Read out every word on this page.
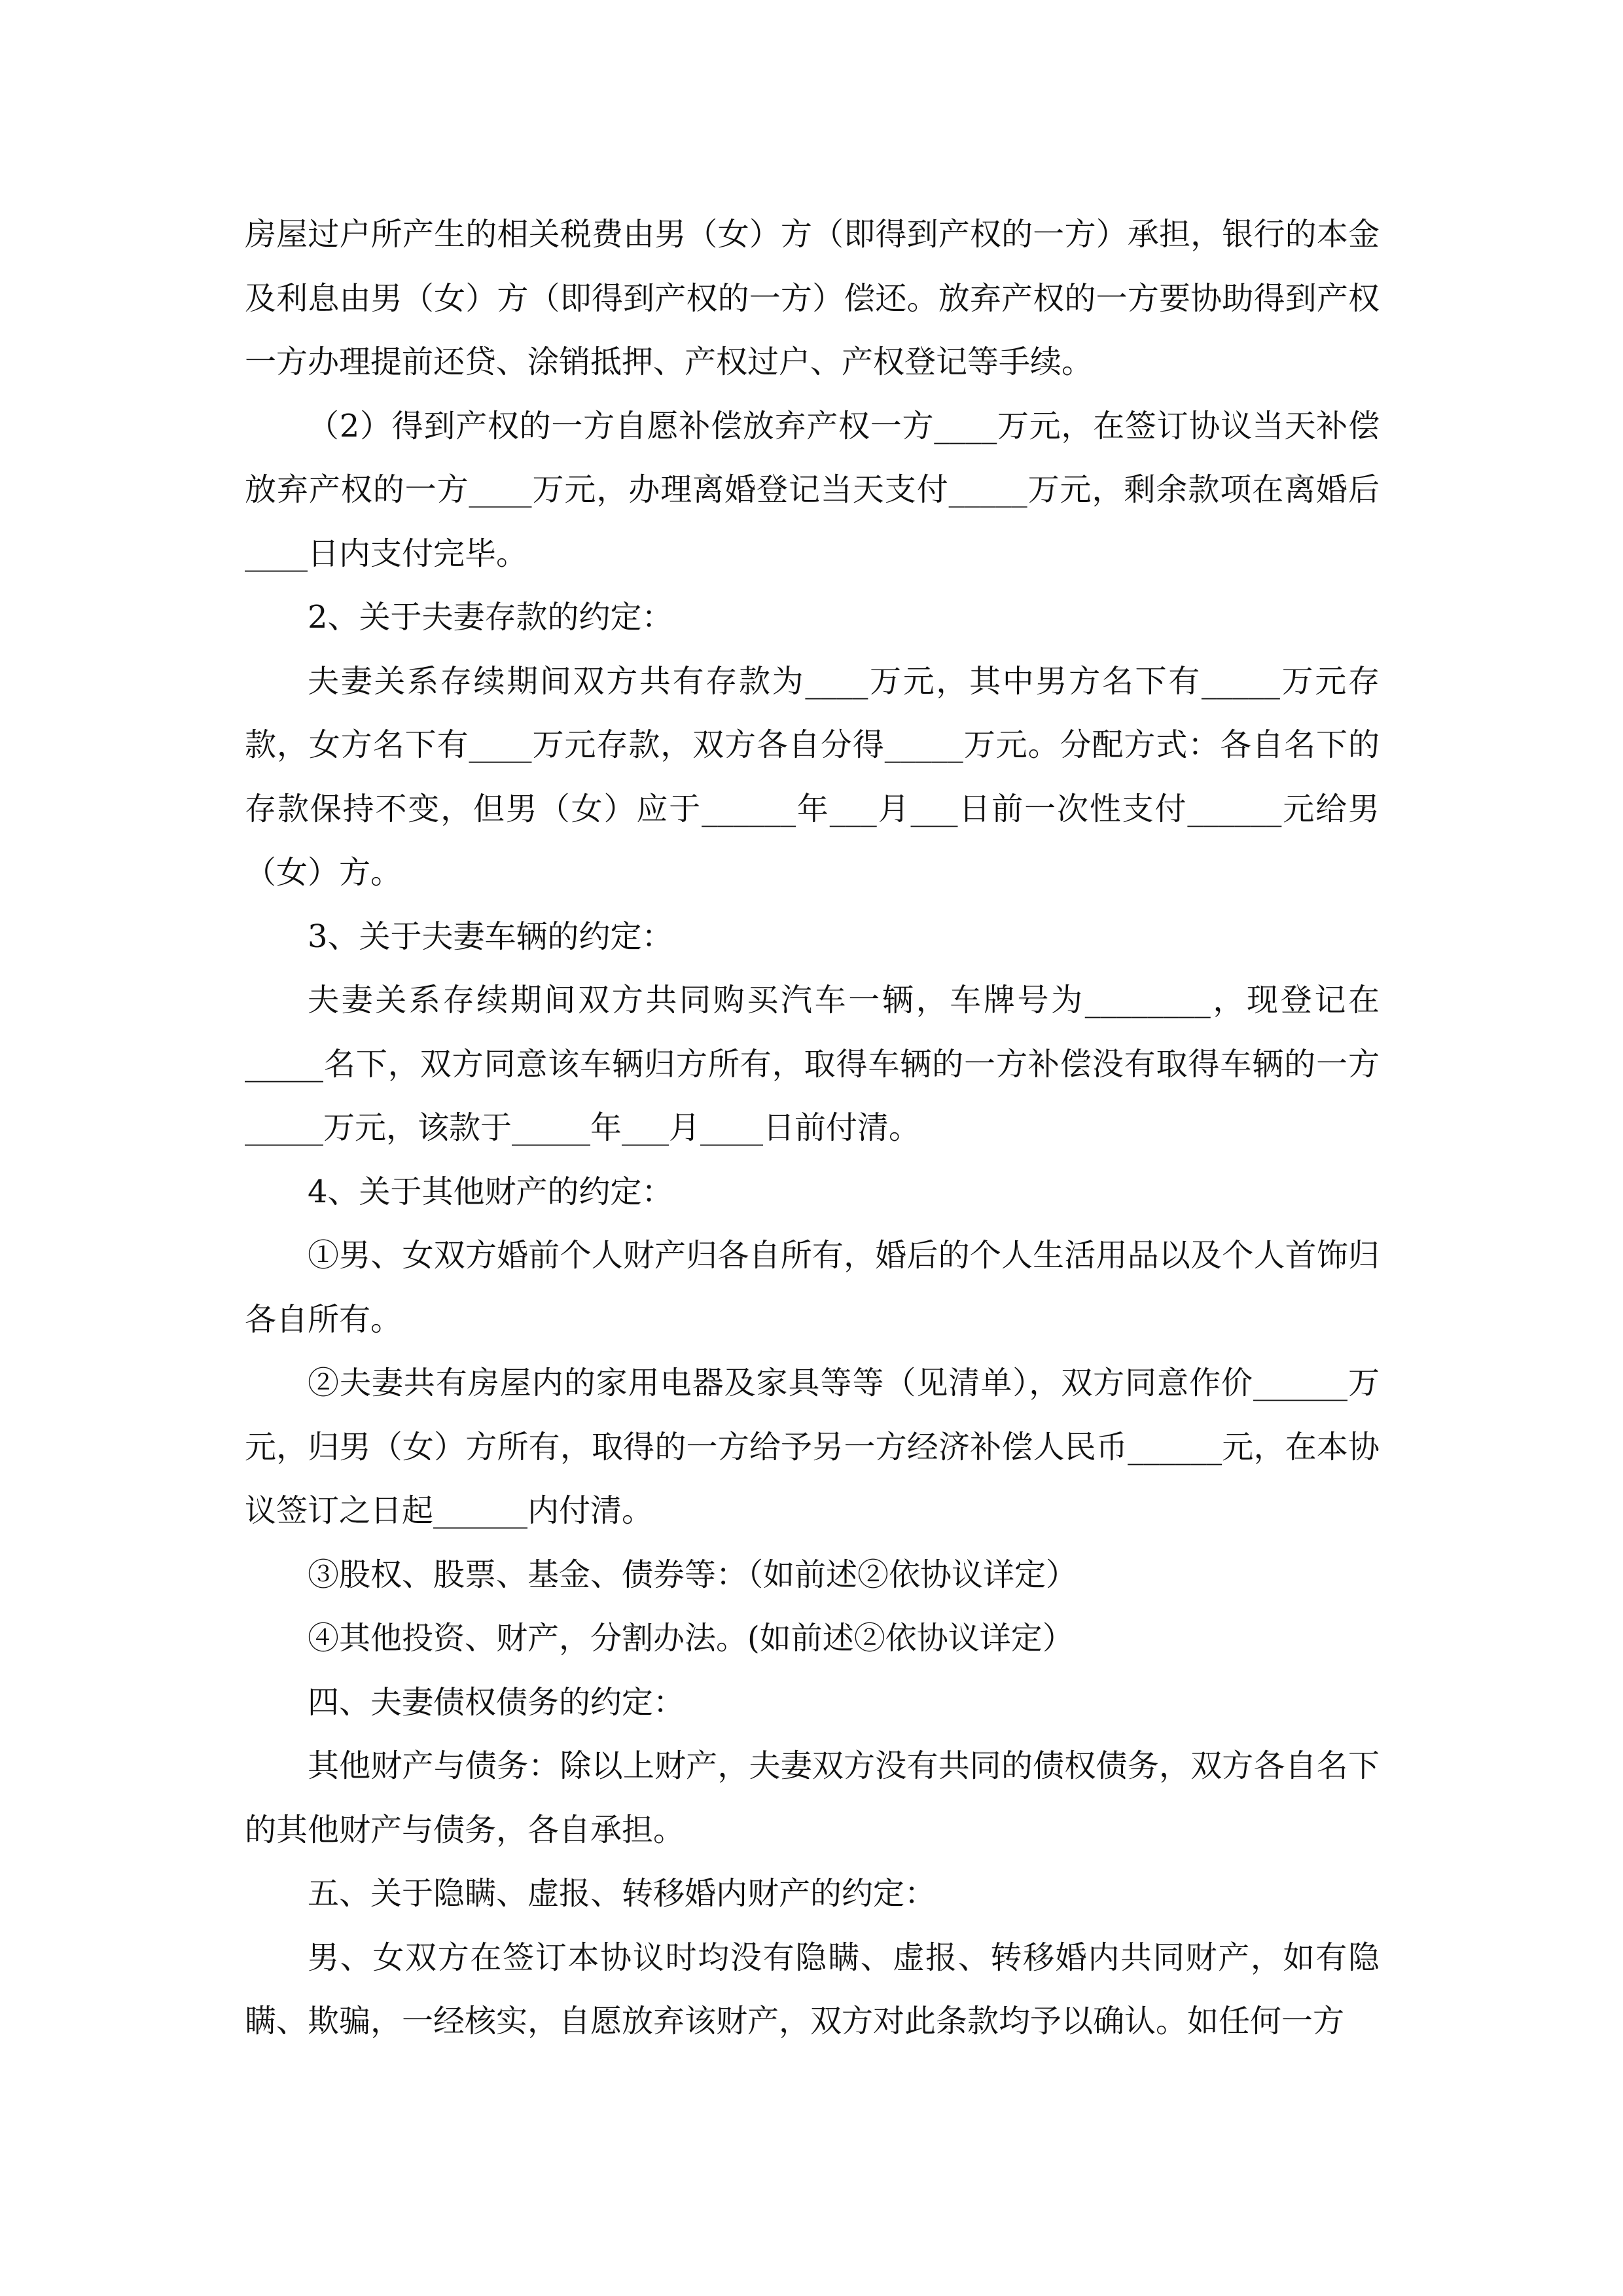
房屋过户所产生的相关税费由男（女）方（即得到产权的一方）承担，银行的本金及利息由男（女）方（即得到产权的一方）偿还。放弃产权的一方要协助得到产权一方办理提前还贷、涂销抵押、产权过户、产权登记等手续。

（2）得到产权的一方自愿补偿放弃产权一方____万元，在签订协议当天补偿放弃产权的一方____万元，办理离婚登记当天支付_____万元，剩余款项在离婚后____日内支付完毕。

2、关于夫妻存款的约定：

夫妻关系存续期间双方共有存款为____万元，其中男方名下有_____万元存款，女方名下有____万元存款，双方各自分得_____万元。分配方式：各自名下的存款保持不变，但男（女）应于______年___月___日前一次性支付______元给男（女）方。

3、关于夫妻车辆的约定：

夫妻关系存续期间双方共同购买汽车一辆，车牌号为________，现登记在_____名下，双方同意该车辆归方所有，取得车辆的一方补偿没有取得车辆的一方_____万元，该款于_____年___月____日前付清。

4、关于其他财产的约定：

①男、女双方婚前个人财产归各自所有，婚后的个人生活用品以及个人首饰归各自所有。

②夫妻共有房屋内的家用电器及家具等等（见清单），双方同意作价______万元，归男（女）方所有，取得的一方给予另一方经济补偿人民币______元，在本协议签订之日起______内付清。

③股权、股票、基金、债券等：（如前述②依协议详定）

④其他投资、财产，分割办法。(如前述②依协议详定）

四、夫妻债权债务的约定：

其他财产与债务：除以上财产，夫妻双方没有共同的债权债务，双方各自名下的其他财产与债务，各自承担。

五、关于隐瞒、虚报、转移婚内财产的约定：

男、女双方在签订本协议时均没有隐瞒、虚报、转移婚内共同财产，如有隐瞒、欺骗，一经核实，自愿放弃该财产，双方对此条款均予以确认。如任何一方
